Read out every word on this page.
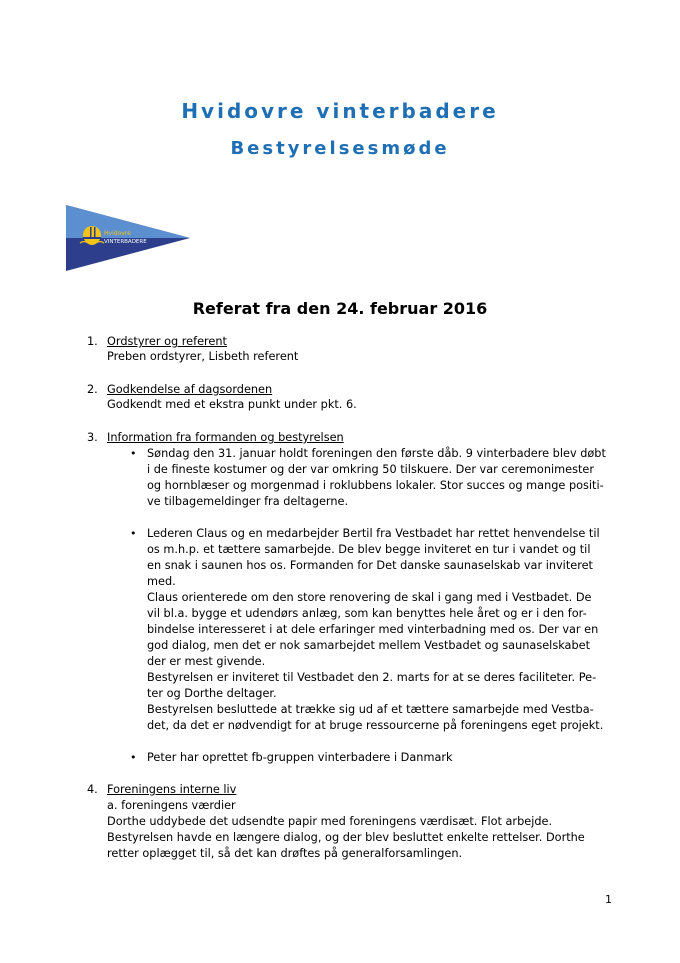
Hvidovre vinterbadere
Bestyrelsesmøde
Hvidovre
VINTERBADERE
Referat fra den 24. februar 2016
1. Ordstyrer og referent
Preben ordstyrer, Lisbeth referent
2. Godkendelse af dagsordenen
Godkendt med et ekstra punkt under pkt. 6.
3. Information fra formanden og bestyrelsen
• Søndag den 31. januar holdt foreningen den første dåb. 9 vinterbadere blev døbt
i de fineste kostumer og der var omkring 50 tilskuere. Der var ceremonimester
og hornblæser og morgenmad i roklubbens lokaler. Stor succes og mange positi-
ve tilbagemeldinger fra deltagerne.
• Lederen Claus og en medarbejder Bertil fra Vestbadet har rettet henvendelse til
os m.h.p. et tættere samarbejde. De blev begge inviteret en tur i vandet og til
en snak i saunen hos os. Formanden for Det danske saunaselskab var inviteret
med.
Claus orienterede om den store renovering de skal i gang med i Vestbadet. De
vil bl.a. bygge et udendørs anlæg, som kan benyttes hele året og er i den for-
bindelse interesseret i at dele erfaringer med vinterbadning med os. Der var en
god dialog, men det er nok samarbejdet mellem Vestbadet og saunaselskabet
der er mest givende.
Bestyrelsen er inviteret til Vestbadet den 2. marts for at se deres faciliteter. Pe-
ter og Dorthe deltager.
Bestyrelsen besluttede at trække sig ud af et tættere samarbejde med Vestba-
det, da det er nødvendigt for at bruge ressourcerne på foreningens eget projekt.
• Peter har oprettet fb-gruppen vinterbadere i Danmark
4. Foreningens interne liv
a. foreningens værdier
Dorthe uddybede det udsendte papir med foreningens værdisæt. Flot arbejde.
Bestyrelsen havde en længere dialog, og der blev besluttet enkelte rettelser. Dorthe
retter oplægget til, så det kan drøftes på generalforsamlingen.
1
